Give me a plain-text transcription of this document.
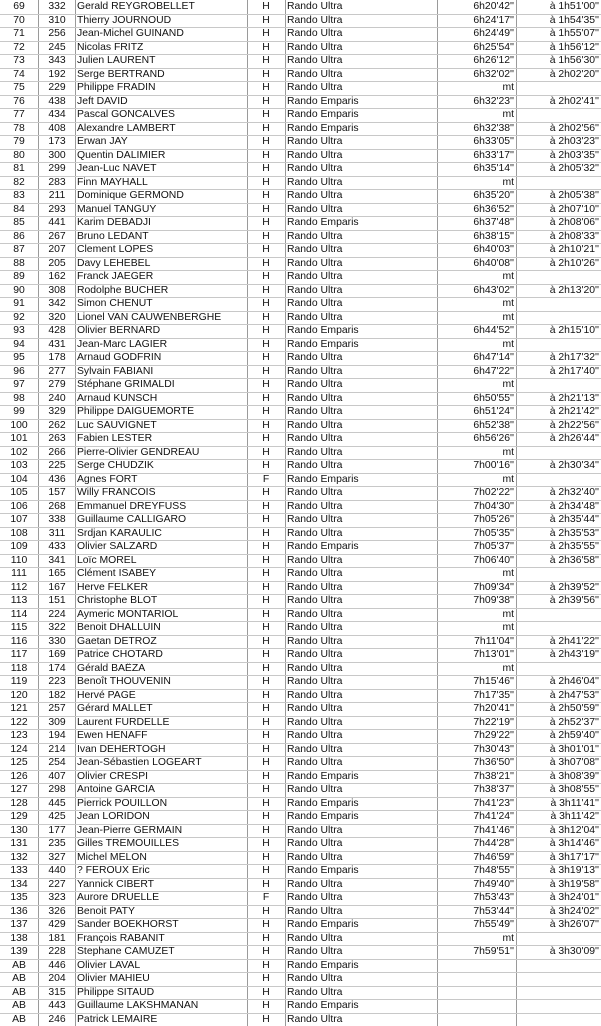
69	332	Gerald REYGROBELLET	H	Rando Ultra	6h20'42''	à 1h51'00''
70	310	Thierry JOURNOUD	H	Rando Ultra	6h24'17''	à 1h54'35''
71	256	Jean-Michel GUINAND	H	Rando Ultra	6h24'49''	à 1h55'07''
72	245	Nicolas FRITZ	H	Rando Ultra	6h25'54''	à 1h56'12''
73	343	Julien LAURENT	H	Rando Ultra	6h26'12''	à 1h56'30''
74	192	Serge BERTRAND	H	Rando Ultra	6h32'02''	à 2h02'20''
75	229	Philippe FRADIN	H	Rando Ultra	mt
76	438	Jeft DAVID	H	Rando Emparis	6h32'23''	à 2h02'41''
77	434	Pascal GONCALVES	H	Rando Emparis	mt
78	408	Alexandre LAMBERT	H	Rando Emparis	6h32'38''	à 2h02'56''
79	173	Erwan JAY	H	Rando Ultra	6h33'05''	à 2h03'23''
80	300	Quentin DALIMIER	H	Rando Ultra	6h33'17''	à 2h03'35''
81	299	Jean-Luc NAVET	H	Rando Ultra	6h35'14''	à 2h05'32''
82	283	Finn MAYHALL	H	Rando Ultra	mt
83	211	Dominique GERMOND	H	Rando Ultra	6h35'20''	à 2h05'38''
84	293	Manuel TANGUY	H	Rando Ultra	6h36'52''	à 2h07'10''
85	441	Karim DEBADJI	H	Rando Emparis	6h37'48''	à 2h08'06''
86	267	Bruno LEDANT	H	Rando Ultra	6h38'15''	à 2h08'33''
87	207	Clement LOPES	H	Rando Ultra	6h40'03''	à 2h10'21''
88	205	Davy LEHEBEL	H	Rando Ultra	6h40'08''	à 2h10'26''
89	162	Franck JAEGER	H	Rando Ultra	mt
90	308	Rodolphe BUCHER	H	Rando Ultra	6h43'02''	à 2h13'20''
91	342	Simon CHENUT	H	Rando Ultra	mt
92	320	Lionel VAN CAUWENBERGHE	H	Rando Ultra	mt
93	428	Olivier BERNARD	H	Rando Emparis	6h44'52''	à 2h15'10''
94	431	Jean-Marc LAGIER	H	Rando Emparis	mt
95	178	Arnaud GODFRIN	H	Rando Ultra	6h47'14''	à 2h17'32''
96	277	Sylvain FABIANI	H	Rando Ultra	6h47'22''	à 2h17'40''
97	279	Stéphane GRIMALDI	H	Rando Ultra	mt
98	240	Arnaud KUNSCH	H	Rando Ultra	6h50'55''	à 2h21'13''
99	329	Philippe DAIGUEMORTE	H	Rando Ultra	6h51'24''	à 2h21'42''
100	262	Luc SAUVIGNET	H	Rando Ultra	6h52'38''	à 2h22'56''
101	263	Fabien LESTER	H	Rando Ultra	6h56'26''	à 2h26'44''
102	266	Pierre-Olivier GENDREAU	H	Rando Ultra	mt
103	225	Serge CHUDZIK	H	Rando Ultra	7h00'16''	à 2h30'34''
104	436	Agnes FORT	F	Rando Emparis	mt
105	157	Willy FRANCOIS	H	Rando Ultra	7h02'22''	à 2h32'40''
106	268	Emmanuel DREYFUSS	H	Rando Ultra	7h04'30''	à 2h34'48''
107	338	Guillaume CALLIGARO	H	Rando Ultra	7h05'26''	à 2h35'44''
108	311	Srdjan KARAULIC	H	Rando Ultra	7h05'35''	à 2h35'53''
109	433	Olivier SALZARD	H	Rando Emparis	7h05'37''	à 2h35'55''
110	341	Loïc MOREL	H	Rando Ultra	7h06'40''	à 2h36'58''
111	165	Clément ISABEY	H	Rando Ultra	mt
112	167	Herve FELKER	H	Rando Ultra	7h09'34''	à 2h39'52''
113	151	Christophe BLOT	H	Rando Ultra	7h09'38''	à 2h39'56''
114	224	Aymeric MONTARIOL	H	Rando Ultra	mt
115	322	Benoit DHALLUIN	H	Rando Ultra	mt
116	330	Gaetan DETROZ	H	Rando Ultra	7h11'04''	à 2h41'22''
117	169	Patrice CHOTARD	H	Rando Ultra	7h13'01''	à 2h43'19''
118	174	Gérald BAËZA	H	Rando Ultra	mt
119	223	Benoît THOUVENIN	H	Rando Ultra	7h15'46''	à 2h46'04''
120	182	Hervé PAGE	H	Rando Ultra	7h17'35''	à 2h47'53''
121	257	Gérard MALLET	H	Rando Ultra	7h20'41''	à 2h50'59''
122	309	Laurent FURDELLE	H	Rando Ultra	7h22'19''	à 2h52'37''
123	194	Ewen HENAFF	H	Rando Ultra	7h29'22''	à 2h59'40''
124	214	Ivan DEHERTOGH	H	Rando Ultra	7h30'43''	à 3h01'01''
125	254	Jean-Sébastien LOGEART	H	Rando Ultra	7h36'50''	à 3h07'08''
126	407	Olivier CRESPI	H	Rando Emparis	7h38'21''	à 3h08'39''
127	298	Antoine GARCIA	H	Rando Ultra	7h38'37''	à 3h08'55''
128	445	Pierrick POUILLON	H	Rando Emparis	7h41'23''	à 3h11'41''
129	425	Jean LORIDON	H	Rando Emparis	7h41'24''	à 3h11'42''
130	177	Jean-Pierre GERMAIN	H	Rando Ultra	7h41'46''	à 3h12'04''
131	235	Gilles TREMOUILLES	H	Rando Ultra	7h44'28''	à 3h14'46''
132	327	Michel MELON	H	Rando Ultra	7h46'59''	à 3h17'17''
133	440	? FEROUX Eric	H	Rando Emparis	7h48'55''	à 3h19'13''
134	227	Yannick CIBERT	H	Rando Ultra	7h49'40''	à 3h19'58''
135	323	Aurore DRUELLE	F	Rando Ultra	7h53'43''	à 3h24'01''
136	326	Benoit PATY	H	Rando Ultra	7h53'44''	à 3h24'02''
137	429	Sander BOEKHORST	H	Rando Emparis	7h55'49''	à 3h26'07''
138	181	François RABANIT	H	Rando Ultra	mt
139	228	Stephane CAMUZET	H	Rando Ultra	7h59'51''	à 3h30'09''
AB	446	Olivier LAVAL	H	Rando Emparis
AB	204	Olivier MAHIEU	H	Rando Ultra
AB	315	Philippe SITAUD	H	Rando Ultra
AB	443	Guillaume LAKSHMANAN	H	Rando Emparis
AB	246	Patrick LEMAIRE	H	Rando Ultra
